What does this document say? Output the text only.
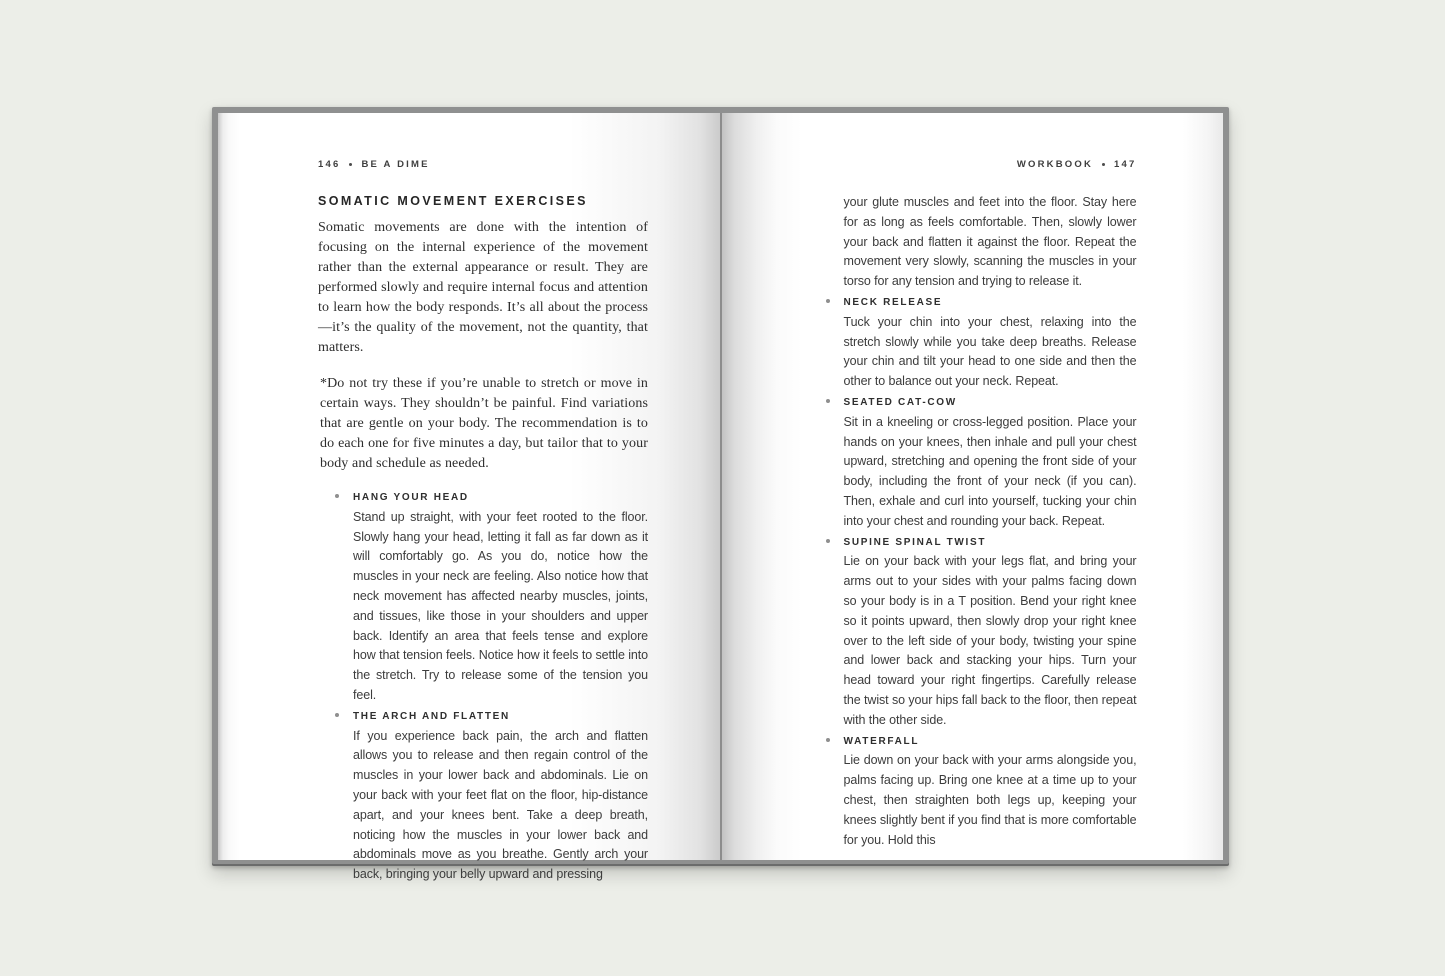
146 BE A DIME
SOMATIC MOVEMENT EXERCISES

Somatic movements are done with the intention of focusing on the internal experience of the movement rather than the external appearance or result. They are performed slowly and require internal focus and attention to learn how the body responds. It’s all about the process—it’s the quality of the movement, not the quantity, that matters.

*Do not try these if you’re unable to stretch or move in certain ways. They shouldn’t be painful. Find variations that are gentle on your body. The recommendation is to do each one for five minutes a day, but tailor that to your body and schedule as needed.

HANG YOUR HEAD
Stand up straight, with your feet rooted to the floor. Slowly hang your head, letting it fall as far down as it will comfortably go. As you do, notice how the muscles in your neck are feeling. Also notice how that neck movement has affected nearby muscles, joints, and tissues, like those in your shoulders and upper back. Identify an area that feels tense and explore how that tension feels. Notice how it feels to settle into the stretch. Try to release some of the tension you feel.
THE ARCH AND FLATTEN
If you experience back pain, the arch and flatten allows you to release and then regain control of the muscles in your lower back and abdominals. Lie on your back with your feet flat on the floor, hip-distance apart, and your knees bent. Take a deep breath, noticing how the muscles in your lower back and abdominals move as you breathe. Gently arch your back, bringing your belly upward and pressing
WORKBOOK 147

your glute muscles and feet into the floor. Stay here for as long as feels comfortable. Then, slowly lower your back and flatten it against the floor. Repeat the movement very slowly, scanning the muscles in your torso for any tension and trying to release it.

NECK RELEASE
Tuck your chin into your chest, relaxing into the stretch slowly while you take deep breaths. Release your chin and tilt your head to one side and then the other to balance out your neck. Repeat.
SEATED CAT-COW
Sit in a kneeling or cross-legged position. Place your hands on your knees, then inhale and pull your chest upward, stretching and opening the front side of your body, including the front of your neck (if you can). Then, exhale and curl into yourself, tucking your chin into your chest and rounding your back. Repeat.
SUPINE SPINAL TWIST
Lie on your back with your legs flat, and bring your arms out to your sides with your palms facing down so your body is in a T position. Bend your right knee so it points upward, then slowly drop your right knee over to the left side of your body, twisting your spine and lower back and stacking your hips. Turn your head toward your right fingertips. Carefully release the twist so your hips fall back to the floor, then repeat with the other side.
WATERFALL
Lie down on your back with your arms alongside you, palms facing up. Bring one knee at a time up to your chest, then straighten both legs up, keeping your knees slightly bent if you find that is more comfortable for you. Hold this
